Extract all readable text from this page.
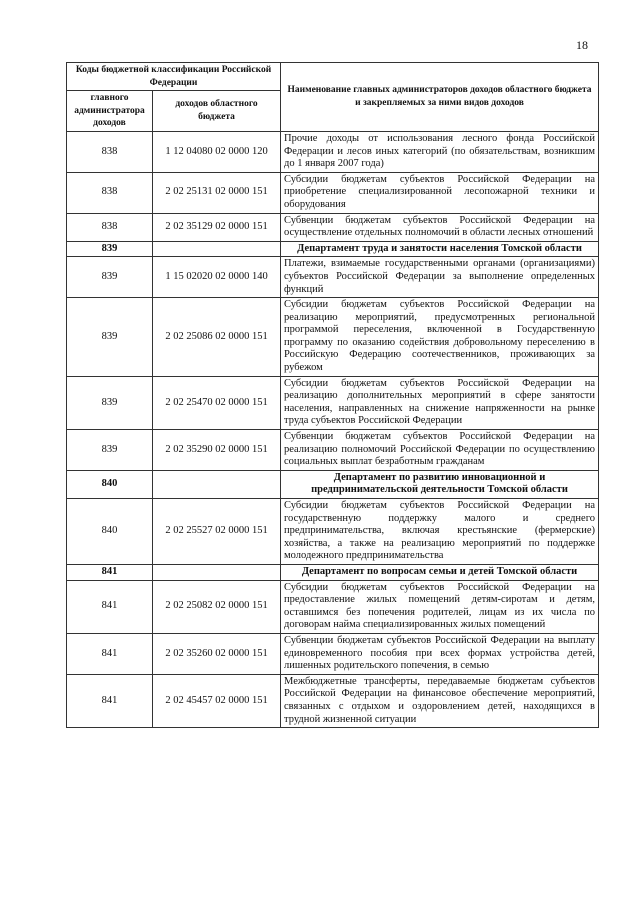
18
Коды бюджетной классификации Российской Федерации		Наименование главных администраторов доходов областного бюджета и закрепляемых за ними видов доходов
главного администратора доходов	доходов областного бюджета	
838	1 12 04080 02 0000 120	Прочие доходы от использования лесного фонда Российской Федерации и лесов иных категорий (по обязательствам, возникшим до 1 января 2007 года)
838	2 02 25131 02 0000 151	Субсидии бюджетам субъектов Российской Федерации на приобретение специализированной лесопожарной техники и оборудования
838	2 02 35129 02 0000 151	Субвенции бюджетам субъектов Российской Федерации на осуществление отдельных полномочий в области лесных отношений
839		Департамент труда и занятости населения Томской области
839	1 15 02020 02 0000 140	Платежи, взимаемые государственными органами (организациями) субъектов Российской Федерации за выполнение определенных функций
839	2 02 25086 02 0000 151	Субсидии бюджетам субъектов Российской Федерации на реализацию мероприятий, предусмотренных региональной программой переселения, включенной в Государственную программу по оказанию содействия добровольному переселению в Российскую Федерацию соотечественников, проживающих за рубежом
839	2 02 25470 02 0000 151	Субсидии бюджетам субъектов Российской Федерации на реализацию дополнительных мероприятий в сфере занятости населения, направленных на снижение напряженности на рынке труда субъектов Российской Федерации
839	2 02 35290 02 0000 151	Субвенции бюджетам субъектов Российской Федерации на реализацию полномочий Российской Федерации по осуществлению социальных выплат безработным гражданам
840		Департамент по развитию инновационной и предпринимательской деятельности Томской области
840	2 02 25527 02 0000 151	Субсидии бюджетам субъектов Российской Федерации на государственную поддержку малого и среднего предпринимательства, включая крестьянские (фермерские) хозяйства, а также на реализацию мероприятий по поддержке молодежного предпринимательства
841		Департамент по вопросам семьи и детей Томской области
841	2 02 25082 02 0000 151	Субсидии бюджетам субъектов Российской Федерации на предоставление жилых помещений детям-сиротам и детям, оставшимся без попечения родителей, лицам из их числа по договорам найма специализированных жилых помещений
841	2 02 35260 02 0000 151	Субвенции бюджетам субъектов Российской Федерации на выплату единовременного пособия при всех формах устройства детей, лишенных родительского попечения, в семью
841	2 02 45457 02 0000 151	Межбюджетные трансферты, передаваемые бюджетам субъектов Российской Федерации на финансовое обеспечение мероприятий, связанных с отдыхом и оздоровлением детей, находящихся в трудной жизненной ситуации
